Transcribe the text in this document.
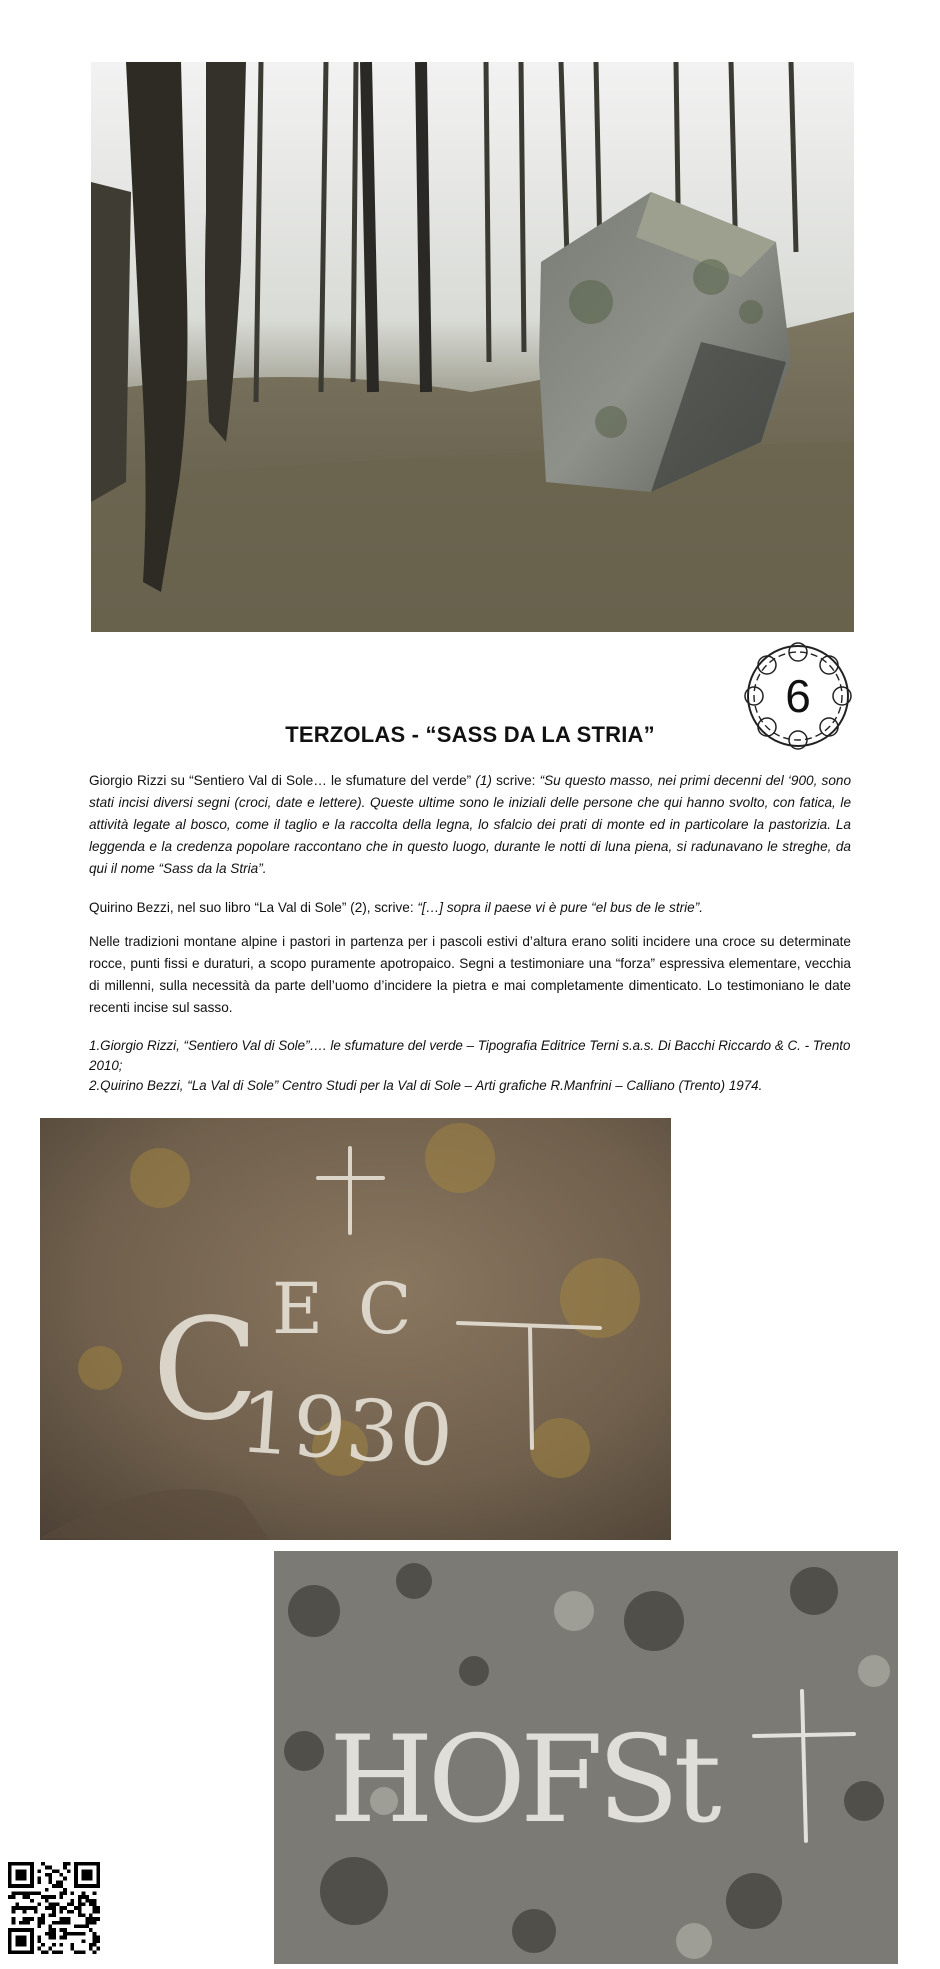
6
TERZOLAS - “SASS DA LA STRIA”
Giorgio Rizzi su “Sentiero Val di Sole… le sfumature del verde” (1) scrive: “Su questo masso, nei primi decenni del ‘900, sono stati incisi diversi segni (croci, date e lettere). Queste ultime sono le iniziali delle persone che qui hanno svolto, con fatica, le attività legate al bosco, come il taglio e la raccolta della legna, lo sfalcio dei prati di monte ed in particolare la pastorizia. La leggenda e la credenza popolare raccontano che in questo luogo, durante le notti di luna piena, si radunavano le streghe, da qui il nome “Sass da la Stria”.
Quirino Bezzi, nel suo libro “La Val di Sole” (2), scrive: “[…] sopra il paese vi è pure “el bus de le strie”.
Nelle tradizioni montane alpine i pastori in partenza per i pascoli estivi d’altura erano soliti incidere una croce su determinate rocce, punti fissi e duraturi, a scopo puramente apotropaico. Segni a testimoniare una “forza” espressiva elementare, vecchia di millenni, sulla necessità da parte dell’uomo d’incidere la pietra e mai completamente dimenticato. Lo testimoniano le date recenti incise sul sasso.
1.Giorgio Rizzi, “Sentiero Val di Sole”…. le sfumature del verde – Tipografia Editrice Terni s.a.s. Di Bacchi Riccardo & C. - Trento 2010;
2.Quirino Bezzi, “La Val di Sole” Centro Studi per la Val di Sole – Arti grafiche R.Manfrini – Calliano (Trento) 1974.
C E C
1930
HOFSt
